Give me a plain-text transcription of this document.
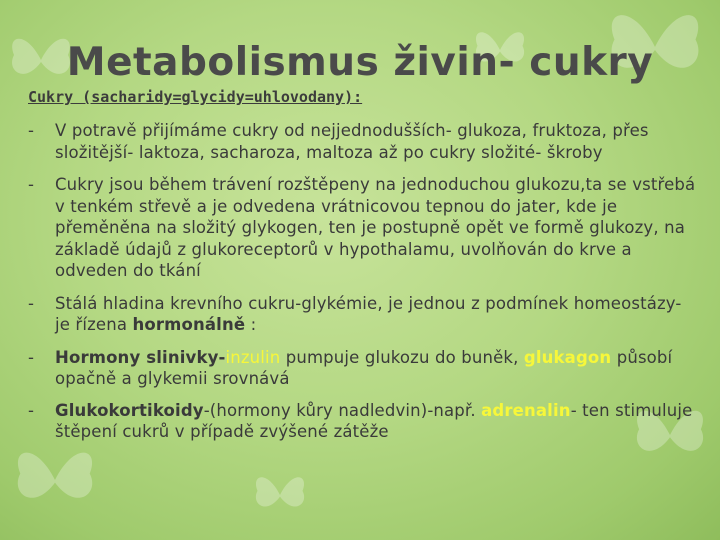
Metabolismus živin- cukry
Cukry (sacharidy=glycidy=uhlovodany):
- V potravě přijímáme cukry od nejjednodušších- glukoza, fruktoza, přes složitější- laktoza, sacharoza, maltoza až po cukry složité- škroby
- Cukry jsou během trávení rozštěpeny na jednoduchou glukozu,ta se vstřebá v tenkém střevě a je odvedena vrátnicovou tepnou do jater, kde je přeměněna na složitý glykogen, ten je postupně opět ve formě glukozy, na základě údajů z glukoreceptorů v hypothalamu, uvolňován do krve a odveden do tkání
- Stálá hladina krevního cukru-glykémie, je jednou z podmínek homeostázy- je řízena hormonálně :
- Hormony slinivky-inzulin pumpuje glukozu do buněk, glukagon působí opačně a glykemii srovnává
- Glukokortikoidy-(hormony kůry nadledvin)-např. adrenalin- ten stimuluje štěpení cukrů v případě zvýšené zátěže
